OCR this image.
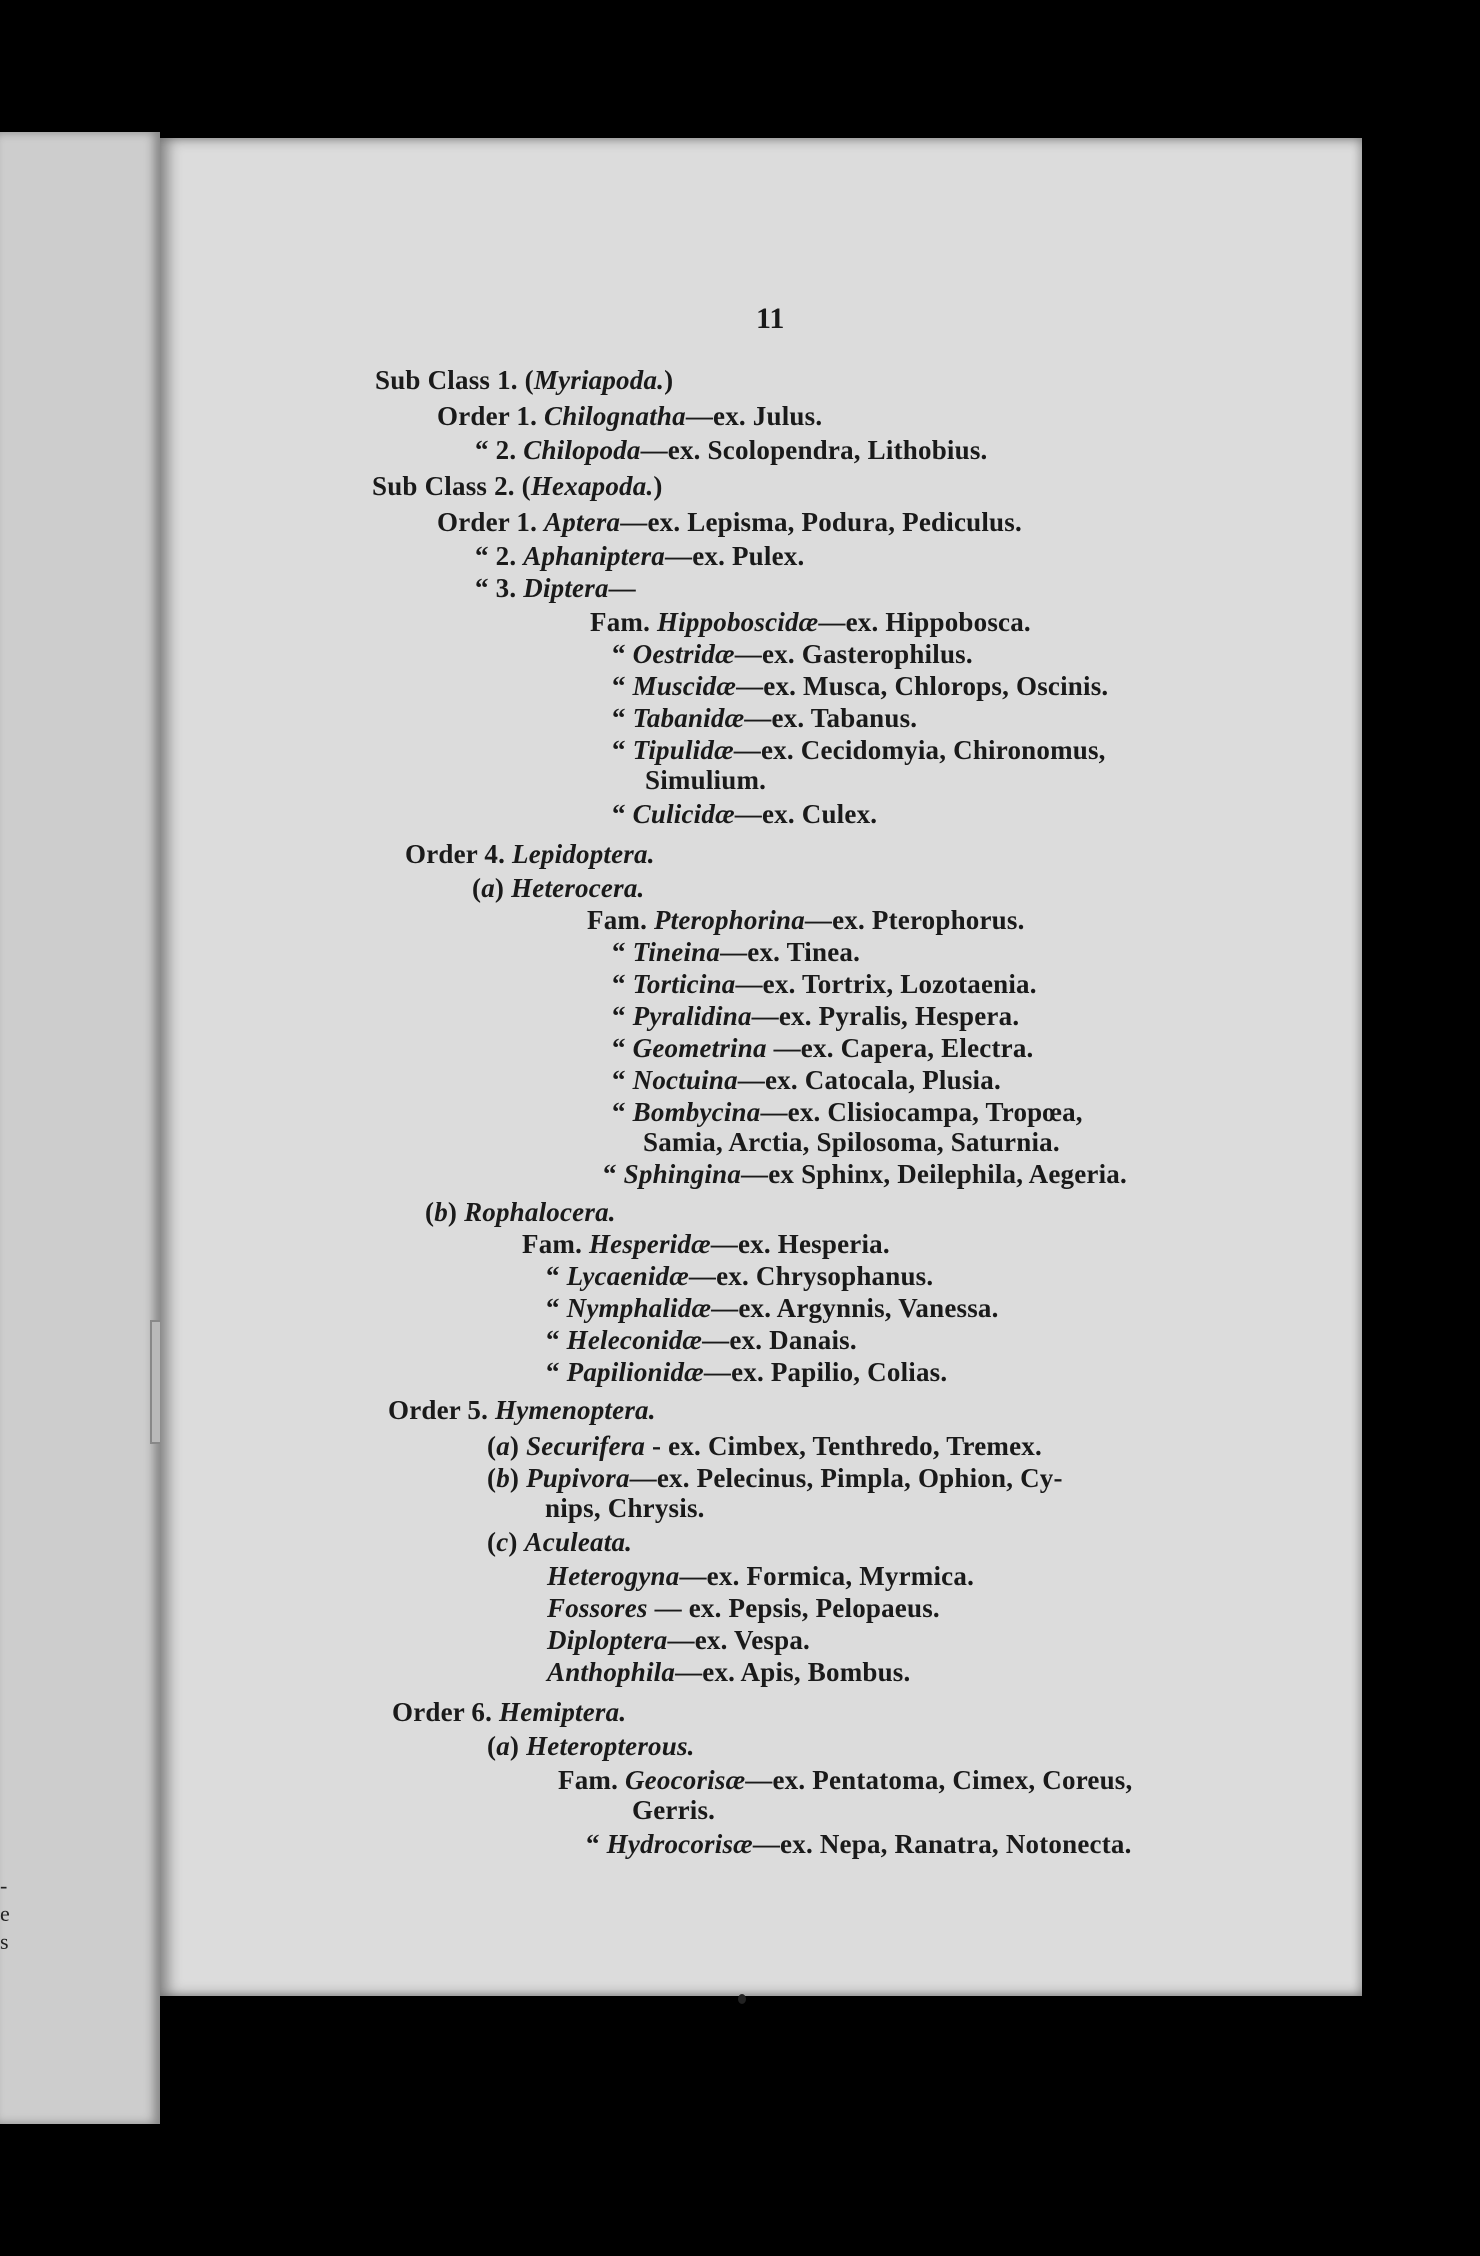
-
e
s
11
Sub Class 1. (Myriapoda.)
Order 1. Chilognatha—ex. Julus.
“ 2. Chilopoda—ex. Scolopendra, Lithobius.
Sub Class 2. (Hexapoda.)
Order 1. Aptera—ex. Lepisma, Podura, Pediculus.
“ 2. Aphaniptera—ex. Pulex.
“ 3. Diptera—
Fam. Hippoboscidæ—ex. Hippobosca.
“ Oestridæ—ex. Gasterophilus.
“ Muscidæ—ex. Musca, Chlorops, Oscinis.
“ Tabanidæ—ex. Tabanus.
“ Tipulidæ—ex. Cecidomyia, Chironomus,
Simulium.
“ Culicidæ—ex. Culex.
Order 4. Lepidoptera.
(a) Heterocera.
Fam. Pterophorina—ex. Pterophorus.
“ Tineina—ex. Tinea.
“ Torticina—ex. Tortrix, Lozotaenia.
“ Pyralidina—ex. Pyralis, Hespera.
“ Geometrina —ex. Capera, Electra.
“ Noctuina—ex. Catocala, Plusia.
“ Bombycina—ex. Clisiocampa, Tropœa,
Samia, Arctia, Spilosoma, Saturnia.
“ Sphingina—ex Sphinx, Deilephila, Aegeria.
(b) Rophalocera.
Fam. Hesperidæ—ex. Hesperia.
“ Lycaenidæ—ex. Chrysophanus.
“ Nymphalidæ—ex. Argynnis, Vanessa.
“ Heleconidæ—ex. Danais.
“ Papilionidæ—ex. Papilio, Colias.
Order 5. Hymenoptera.
(a) Securifera - ex. Cimbex, Tenthredo, Tremex.
(b) Pupivora—ex. Pelecinus, Pimpla, Ophion, Cy-
nips, Chrysis.
(c) Aculeata.
Heterogyna—ex. Formica, Myrmica.
Fossores — ex. Pepsis, Pelopaeus.
Diploptera—ex. Vespa.
Anthophila—ex. Apis, Bombus.
Order 6. Hemiptera.
(a) Heteropterous.
Fam. Geocorisæ—ex. Pentatoma, Cimex, Coreus,
Gerris.
“ Hydrocorisæ—ex. Nepa, Ranatra, Notonecta.
